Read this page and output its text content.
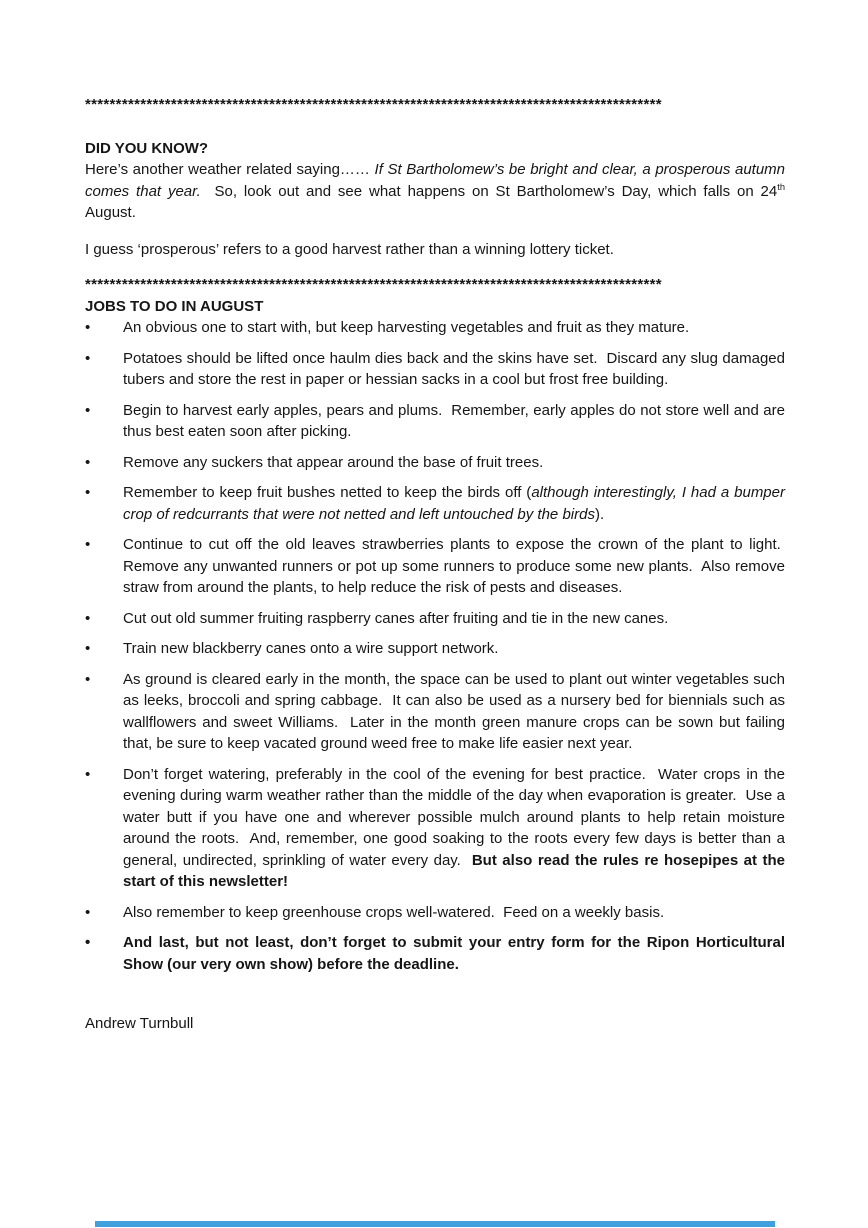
**********************************************************************************************
DID YOU KNOW?

Here’s another weather related saying…… If St Bartholomew’s be bright and clear, a prosperous autumn comes that year.  So, look out and see what happens on St Bartholomew’s Day, which falls on 24th August.

I guess ‘prosperous’ refers to a good harvest rather than a winning lottery ticket.

**********************************************************************************************
JOBS TO DO IN AUGUST
•	An obvious one to start with, but keep harvesting vegetables and fruit as they mature.
•	Potatoes should be lifted once haulm dies back and the skins have set.  Discard any slug damaged tubers and store the rest in paper or hessian sacks in a cool but frost free building.
•	Begin to harvest early apples, pears and plums.  Remember, early apples do not store well and are thus best eaten soon after picking.
•	Remove any suckers that appear around the base of fruit trees.
•	Remember to keep fruit bushes netted to keep the birds off (although interestingly, I had a bumper crop of redcurrants that were not netted and left untouched by the birds).
•	Continue to cut off the old leaves strawberries plants to expose the crown of the plant to light.  Remove any unwanted runners or pot up some runners to produce some new plants.  Also remove straw from around the plants, to help reduce the risk of pests and diseases.
•	Cut out old summer fruiting raspberry canes after fruiting and tie in the new canes.
•	Train new blackberry canes onto a wire support network.
•	As ground is cleared early in the month, the space can be used to plant out winter vegetables such as leeks, broccoli and spring cabbage.  It can also be used as a nursery bed for biennials such as wallflowers and sweet Williams.  Later in the month green manure crops can be sown but failing that, be sure to keep vacated ground weed free to make life easier next year.
•	Don’t forget watering, preferably in the cool of the evening for best practice.  Water crops in the evening during warm weather rather than the middle of the day when evaporation is greater.  Use a water butt if you have one and wherever possible mulch around plants to help retain moisture around the roots.  And, remember, one good soaking to the roots every few days is better than a general, undirected, sprinkling of water every day.  But also read the rules re hosepipes at the start of this newsletter!
•	Also remember to keep greenhouse crops well-watered.  Feed on a weekly basis.
•	And last, but not least, don’t forget to submit your entry form for the Ripon Horticultural Show (our very own show) before the deadline.

Andrew Turnbull
